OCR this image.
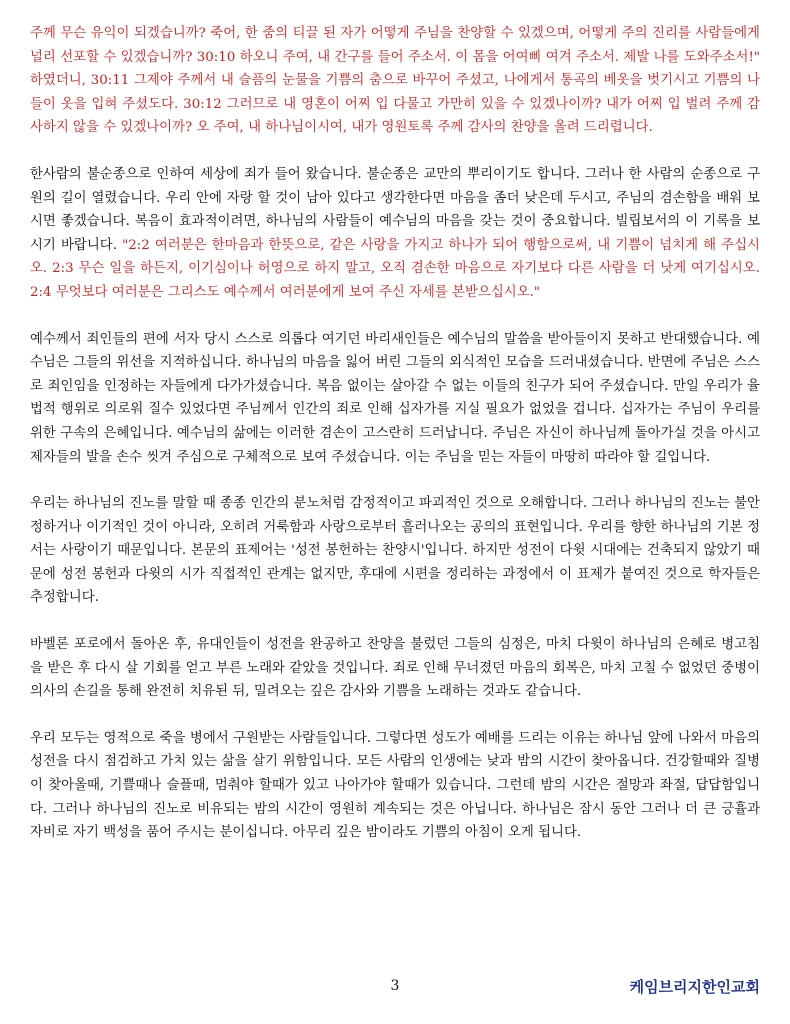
주께 무슨 유익이 되겠습니까? 죽어, 한 줌의 티끌 된 자가 어떻게 주님을 찬양할 수 있겠으며, 어떻게 주의 진리를 사람들에게 널리 선포할 수 있겠습니까? 30:10 하오니 주여, 내 간구를 들어 주소서. 이 몸을 어여삐 여겨 주소서. 제발 나를 도와주소서!" 하였더니, 30:11 그제야 주께서 내 슬픔의 눈물을 기쁨의 춤으로 바꾸어 주셨고, 나에게서 통곡의 베옷을 벗기시고 기쁨의 나들이 옷을 입혀 주셨도다. 30:12 그러므로 내 영혼이 어찌 입 다물고 가만히 있을 수 있겠나이까? 내가 어찌 입 벌려 주께 감사하지 않을 수 있겠나이까? 오 주여, 내 하나님이시여, 내가 영원토록 주께 감사의 찬양을 올려 드리렵니다.

한사람의 불순종으로 인하여 세상에 죄가 들어 왔습니다. 불순종은 교만의 뿌리이기도 합니다. 그러나 한 사람의 순종으로 구원의 길이 열렸습니다. 우리 안에 자랑 할 것이 남아 있다고 생각한다면 마음을 좀더 낮은데 두시고, 주님의 겸손함을 배워 보시면 좋겠습니다. 복음이 효과적이려면, 하나님의 사람들이 예수님의 마음을 갖는 것이 중요합니다. 빌립보서의 이 기록을 보시기 바랍니다. "2:2 여러분은 한마음과 한뜻으로, 같은 사랑을 가지고 하나가 되어 행함으로써, 내 기쁨이 넘치게 해 주십시오. 2:3 무슨 일을 하든지, 이기심이나 허영으로 하지 말고, 오직 겸손한 마음으로 자기보다 다른 사람을 더 낫게 여기십시오. 2:4 무엇보다 여러분은 그리스도 예수께서 여러분에게 보여 주신 자세를 본받으십시오."

예수께서 죄인들의 편에 서자 당시 스스로 의롭다 여기던 바리새인들은 예수님의 말씀을 받아들이지 못하고 반대했습니다. 예수님은 그들의 위선을 지적하십니다. 하나님의 마음을 잃어 버린 그들의 외식적인 모습을 드러내셨습니다. 반면에 주님은 스스로 죄인임을 인정하는 자들에게 다가가셨습니다. 복음 없이는 살아갈 수 없는 이들의 친구가 되어 주셨습니다. 만일 우리가 율법적 행위로 의로워 질수 있었다면 주님께서 인간의 죄로 인해 십자가를 지실 필요가 없었을 겁니다. 십자가는 주님이 우리를 위한 구속의 은혜입니다. 예수님의 삶에는 이러한 겸손이 고스란히 드러납니다. 주님은 자신이 하나님께 돌아가실 것을 아시고 제자들의 발을 손수 씻겨 주심으로 구체적으로 보여 주셨습니다. 이는 주님을 믿는 자들이 마땅히 따라야 할 길입니다.

우리는 하나님의 진노를 말할 때 종종 인간의 분노처럼 감정적이고 파괴적인 것으로 오해합니다. 그러나 하나님의 진노는 불안정하거나 이기적인 것이 아니라, 오히려 거룩함과 사랑으로부터 흘러나오는 공의의 표현입니다. 우리를 향한 하나님의 기본 정서는 사랑이기 때문입니다. 본문의 표제어는 '성전 봉헌하는 찬양시'입니다. 하지만 성전이 다윗 시대에는 건축되지 않았기 때문에 성전 봉헌과 다윗의 시가 직접적인 관계는 없지만, 후대에 시편을 정리하는 과정에서 이 표제가 붙여진 것으로 학자들은 추정합니다.

바벨론 포로에서 돌아온 후, 유대인들이 성전을 완공하고 찬양을 불렀던 그들의 심정은, 마치 다윗이 하나님의 은혜로 병고침을 받은 후 다시 살 기회를 얻고 부른 노래와 같았을 것입니다. 죄로 인해 무너졌던 마음의 회복은, 마치 고칠 수 없었던 중병이 의사의 손길을 통해 완전히 치유된 뒤, 밀려오는 깊은 감사와 기쁨을 노래하는 것과도 같습니다.

우리 모두는 영적으로 죽을 병에서 구원받는 사람들입니다. 그렇다면 성도가 예배를 드리는 이유는 하나님 앞에 나와서 마음의 성전을 다시 점검하고 가치 있는 삶을 살기 위함입니다. 모든 사람의 인생에는 낮과 밤의 시간이 찾아옵니다. 건강할때와 질병이 찾아올때, 기쁠때나 슬플때, 멈춰야 할때가 있고 나아가야 할때가 있습니다. 그런데 밤의 시간은 절망과 좌절, 답답함입니다. 그러나 하나님의 진노로 비유되는 밤의 시간이 영원히 계속되는 것은 아닙니다. 하나님은 잠시 동안 그러나 더 큰 긍휼과 자비로 자기 백성을 품어 주시는 분이십니다. 아무리 깊은 밤이라도 기쁨의 아침이 오게 됩니다.

3	케임브리지한인교회
